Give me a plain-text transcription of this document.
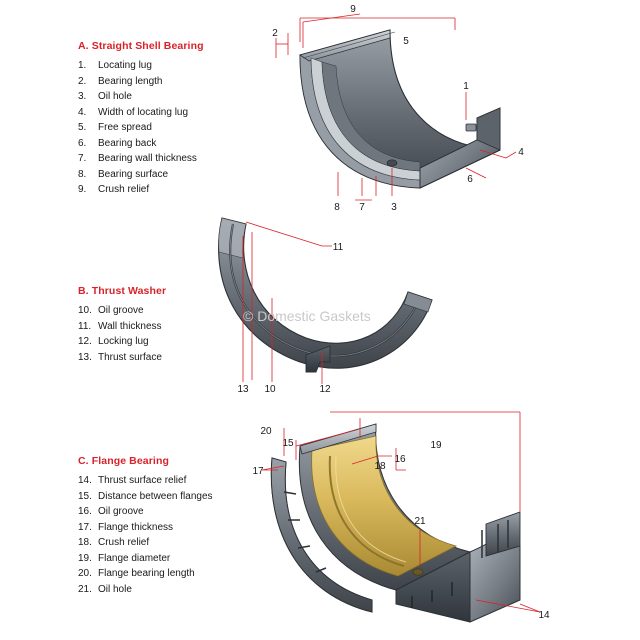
A. Straight Shell Bearing
1.	Locating lug
2.	Bearing length
3.	Oil hole
4.	Width of locating lug
5.	Free spread
6.	Bearing back
7.	Bearing wall thickness
8.	Bearing surface
9.	Crush relief
B. Thrust Washer
10. Oil groove
11. Wall thickness
12. Locking lug
13. Thrust surface
C. Flange Bearing
14. Thrust surface relief
15. Distance between flanges
16. Oil groove
17. Flange thickness
18. Crush relief
19. Flange diameter
20. Flange bearing length
21. Oil hole
9
2
5
1
4
6
8 7	3
11
13 10	12
20
15	19
17	18
16
21
14
© Domestic Gaskets
